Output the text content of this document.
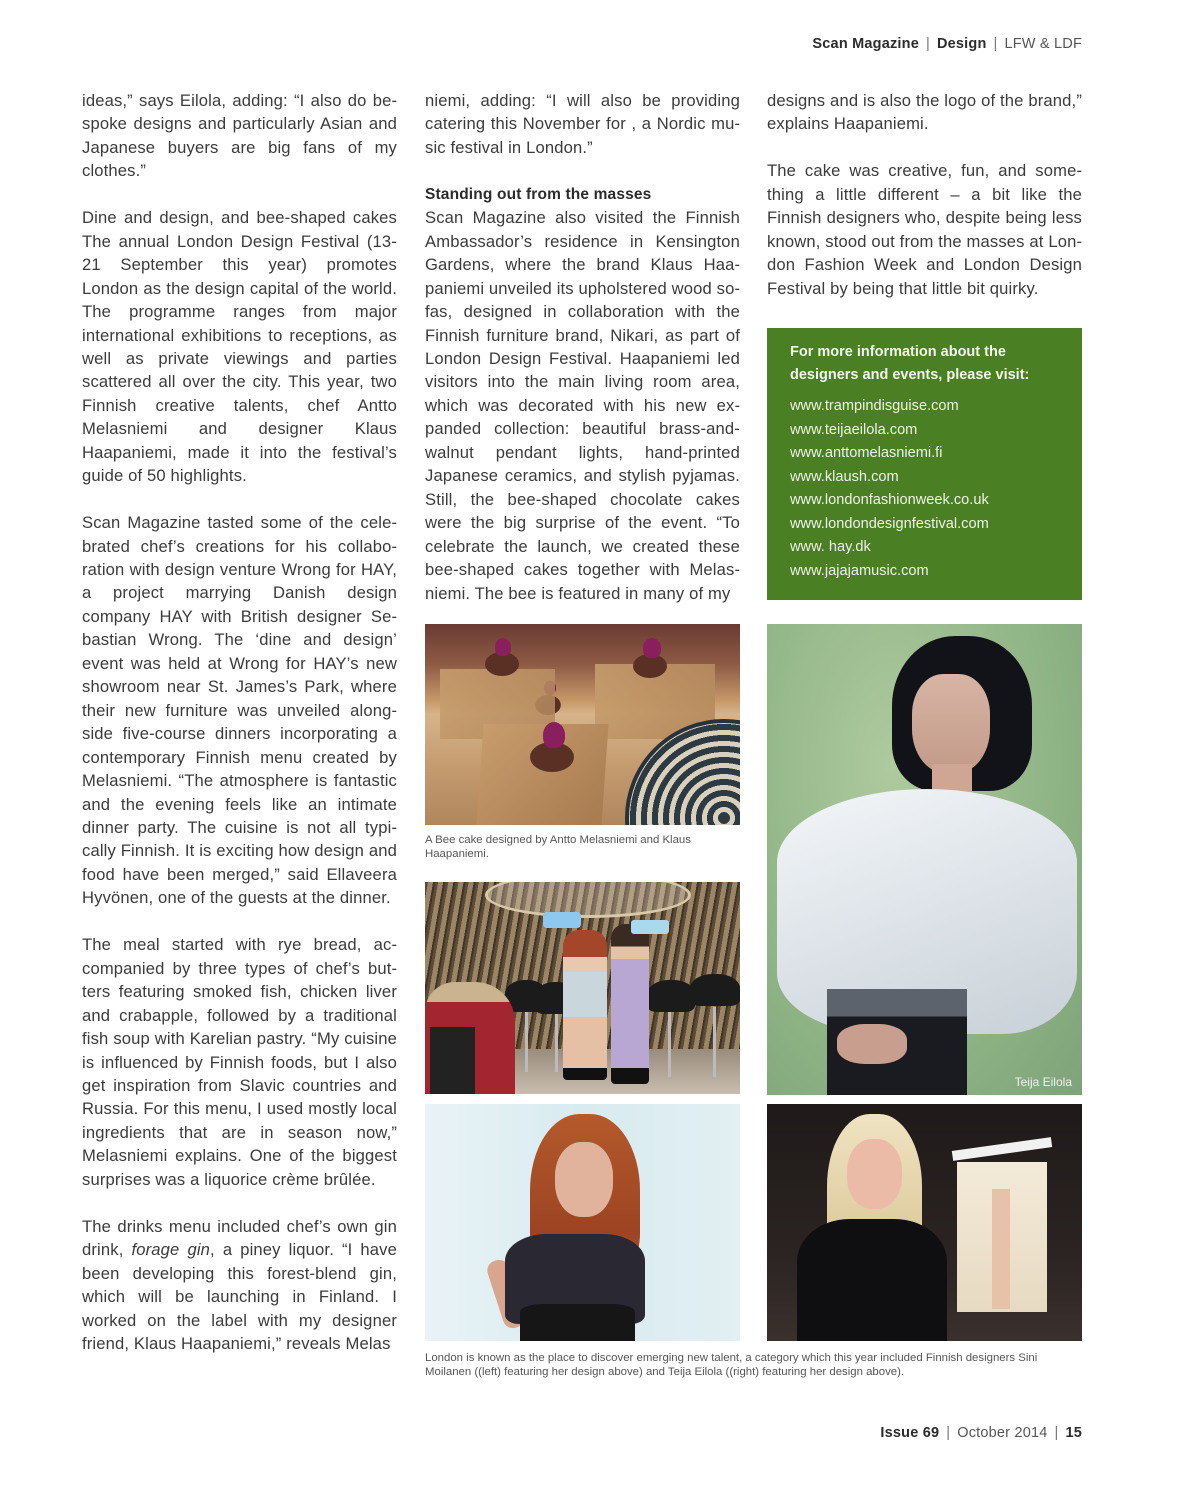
Scan Magazine | Design | LFW & LDF

ideas,” says Eilola, adding: “I also do bespoke designs and particularly Asian and Japanese buyers are big fans of my clothes.”

Dine and design, and bee-shaped cakes The annual London Design Festival (13-21 September this year) promotes London as the design capital of the world. The programme ranges from major international exhibitions to receptions, as well as private viewings and parties scattered all over the city. This year, two Finnish creative talents, chef Antto Melasniemi and designer Klaus Haapaniemi, made it into the festival’s guide of 50 highlights.

Scan Magazine tasted some of the celebrated chef’s creations for his collaboration with design venture Wrong for HAY, a project marrying Danish design company HAY with British designer Sebastian Wrong. The ‘dine and design’ event was held at Wrong for HAY’s new showroom near St. James’s Park, where their new furniture was unveiled alongside five-course dinners incorporating a contemporary Finnish menu created by Melasniemi. “The atmosphere is fantastic and the evening feels like an intimate dinner party. The cuisine is not all typically Finnish. It is exciting how design and food have been merged,” said Ellaveera Hyvönen, one of the guests at the dinner.

The meal started with rye bread, accompanied by three types of chef’s butters featuring smoked fish, chicken liver and crabapple, followed by a traditional fish soup with Karelian pastry. “My cuisine is influenced by Finnish foods, but I also get inspiration from Slavic countries and Russia. For this menu, I used mostly local ingredients that are in season now,” Melasniemi explains. One of the biggest surprises was a liquorice crème brûlée.

The drinks menu included chef’s own gin drink, forage gin, a piney liquor. “I have been developing this forest-blend gin, which will be launching in Finland. I worked on the label with my designer friend, Klaus Haapaniemi,” reveals Melas

niemi, adding: “I will also be providing catering this November for , a Nordic music festival in London.”

Standing out from the masses

Scan Magazine also visited the Finnish Ambassador’s residence in Kensington Gardens, where the brand Klaus Haapaniemi unveiled its upholstered wood sofas, designed in collaboration with the Finnish furniture brand, Nikari, as part of London Design Festival. Haapaniemi led visitors into the main living room area, which was decorated with his new expanded collection: beautiful brass-and-walnut pendant lights, hand-printed Japanese ceramics, and stylish pyjamas. Still, the bee-shaped chocolate cakes were the big surprise of the event. “To celebrate the launch, we created these bee-shaped cakes together with Melasniemi. The bee is featured in many of my

designs and is also the logo of the brand,” explains Haapaniemi.

The cake was creative, fun, and something a little different – a bit like the Finnish designers who, despite being less known, stood out from the masses at London Fashion Week and London Design Festival by being that little bit quirky.

For more information about the designers and events, please visit:
www.trampindisguise.com
www.teijaeilola.com
www.anttomelasniemi.fi
www.klaush.com
www.londonfashionweek.co.uk
www.londondesignfestival.com
www. hay.dk
www.jajajamusic.com
A Bee cake designed by Antto Melasniemi and Klaus Haapaniemi.
Teija Eilola
London is known as the place to discover emerging new talent, a category which this year included Finnish designers Sini Moilanen ((left) featuring her design above) and Teija Eilola ((right) featuring her design above).
Issue 69 | October 2014 | 15
